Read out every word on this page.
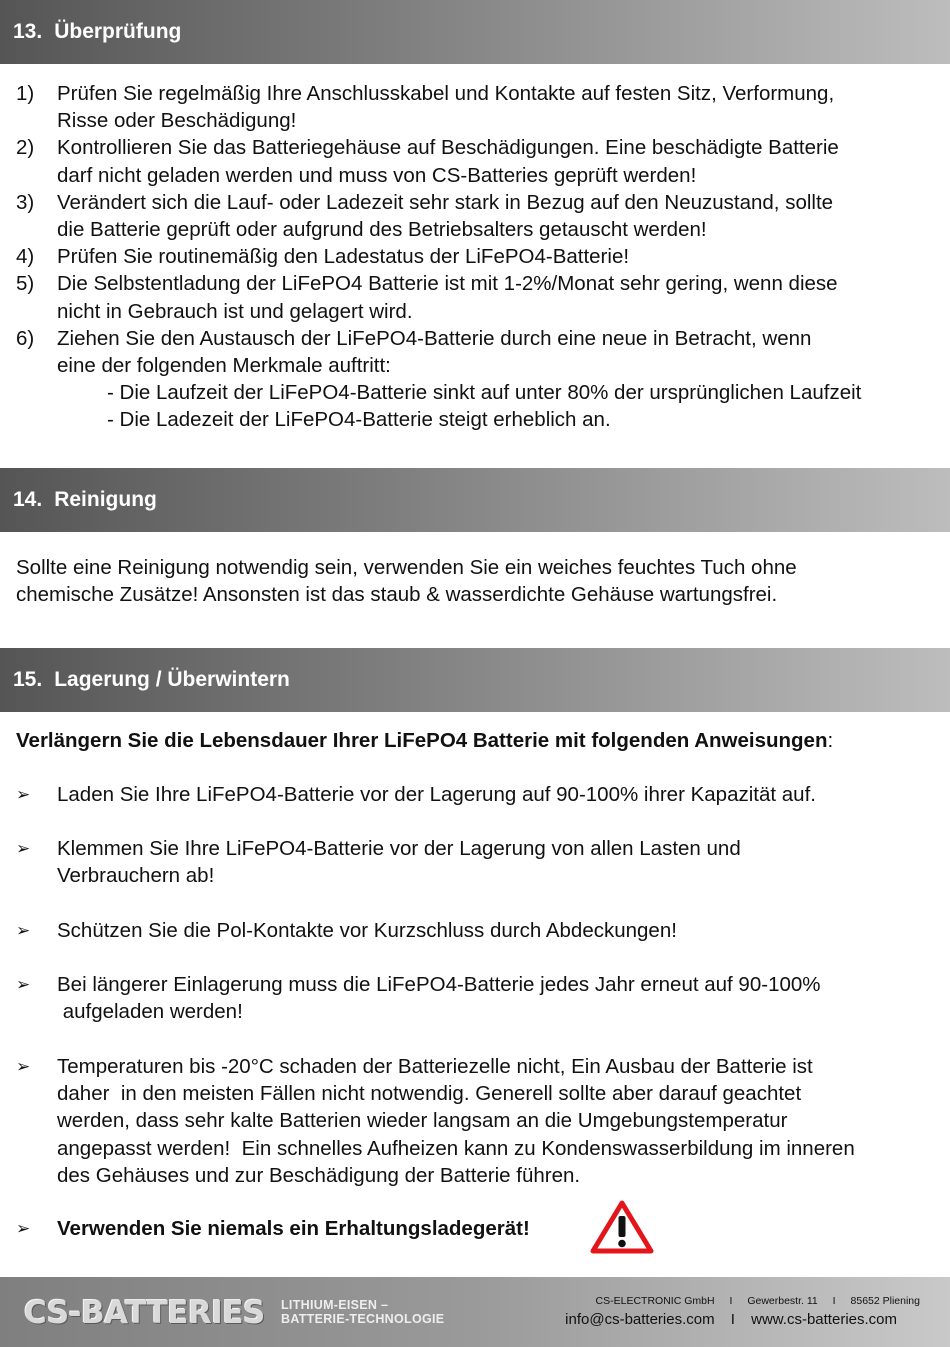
13. Überprüfung
1) Prüfen Sie regelmäßig Ihre Anschlusskabel und Kontakte auf festen Sitz, Verformung,
Risse oder Beschädigung!
2) Kontrollieren Sie das Batteriegehäuse auf Beschädigungen. Eine beschädigte Batterie
darf nicht geladen werden und muss von CS-Batteries geprüft werden!
3) Verändert sich die Lauf- oder Ladezeit sehr stark in Bezug auf den Neuzustand, sollte
die Batterie geprüft oder aufgrund des Betriebsalters getauscht werden!
4) Prüfen Sie routinemäßig den Ladestatus der LiFePO4-Batterie!
5) Die Selbstentladung der LiFePO4 Batterie ist mit 1-2%/Monat sehr gering, wenn diese
nicht in Gebrauch ist und gelagert wird.
6) Ziehen Sie den Austausch der LiFePO4-Batterie durch eine neue in Betracht, wenn
eine der folgenden Merkmale auftritt:
- Die Laufzeit der LiFePO4-Batterie sinkt auf unter 80% der ursprünglichen Laufzeit
- Die Ladezeit der LiFePO4-Batterie steigt erheblich an.
14. Reinigung
Sollte eine Reinigung notwendig sein, verwenden Sie ein weiches feuchtes Tuch ohne
chemische Zusätze! Ansonsten ist das staub & wasserdichte Gehäuse wartungsfrei.
15. Lagerung / Überwintern

Verlängern Sie die Lebensdauer Ihrer LiFePO4 Batterie mit folgenden Anweisungen:

➢ Laden Sie Ihre LiFePO4-Batterie vor der Lagerung auf 90-100% ihrer Kapazität auf.
➢ Klemmen Sie Ihre LiFePO4-Batterie vor der Lagerung von allen Lasten und
Verbrauchern ab!
➢ Schützen Sie die Pol-Kontakte vor Kurzschluss durch Abdeckungen!
➢ Bei längerer Einlagerung muss die LiFePO4-Batterie jedes Jahr erneut auf 90-100%
aufgeladen werden!
➢ Temperaturen bis -20°C schaden der Batteriezelle nicht, Ein Ausbau der Batterie ist
daher  in den meisten Fällen nicht notwendig. Generell sollte aber darauf geachtet
werden, dass sehr kalte Batterien wieder langsam an die Umgebungstemperatur
angepasst werden!  Ein schnelles Aufheizen kann zu Kondenswasserbildung im inneren
des Gehäuses und zur Beschädigung der Batterie führen.
➢ Verwenden Sie niemals ein Erhaltungsladegerät!
CS-BATTERIES LITHIUM-EISEN –
BATTERIE-TECHNOLOGIE
CS-ELECTRONIC GmbH I Gewerbestr. 11 I 85652 Pliening
info@cs-batteries.com I www.cs-batteries.com
